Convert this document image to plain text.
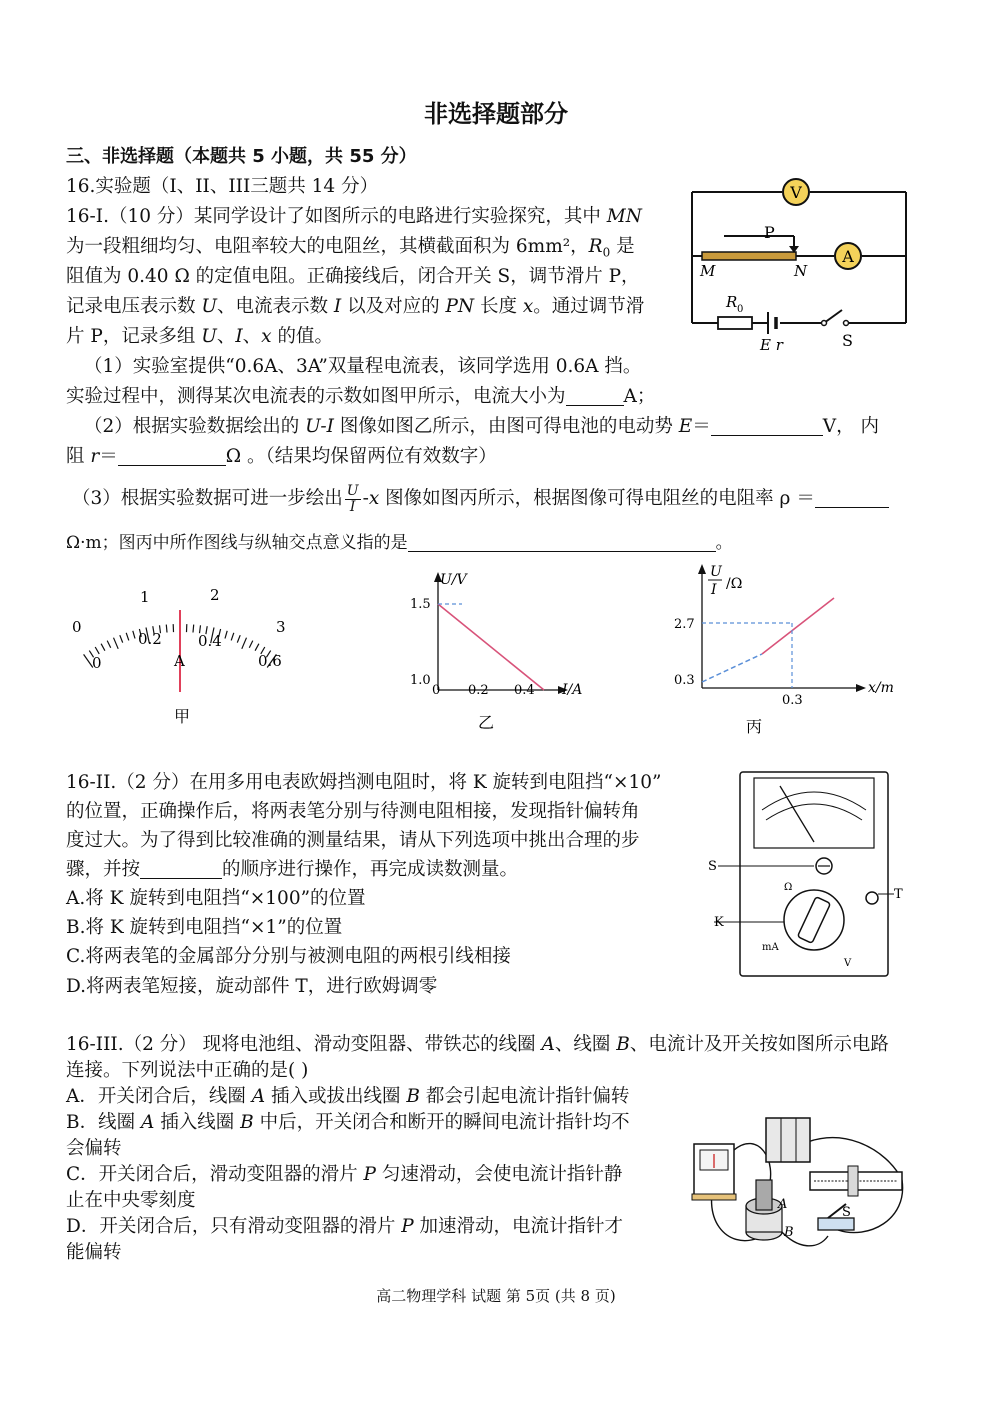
非选择题部分
三、非选择题（本题共 5 小题，共 55 分）
16.实验题（I、II、III三题共 14 分）
16-I.（10 分）某同学设计了如图所示的电路进行实验探究，其中 MN
为一段粗细均匀、电阻率较大的电阻丝，其横截面积为 6mm²，$R_0$ 是
阻值为 0.40 Ω 的定值电阻。正确接线后，闭合开关 S，调节滑片 P，
记录电压表示数 U、电流表示数 I 以及对应的 PN 长度 x。通过调节滑
片 P，记录多组 U、I、x 的值。
（1）实验室提供“0.6A、3A”双量程电流表，该同学选用 0.6A 挡。
实验过程中，测得某次电流表的示数如图甲所示，电流大小为	A；
（2）根据实验数据绘出的 U-I 图像如图乙所示，由图可得电池的电动势 E＝	V， 内
阻 r＝	Ω 。（结果均保留两位有效数字）
（3）根据实验数据可进一步绘出 $\frac{U}{I} -x$ 图像如图丙所示，根据图像可得电阻丝的电阻率 ρ ＝
Ω·m；图丙中所作图线与纵轴交点意义指的是	。
V
A
P
M	N
R 0
E r	S
0
1	2
3
0
0.2 0.4
0.6
A
甲
U/V
I/A
1.5
1.0
0 0.2 0.4
乙
U
I /Ω
x/m
2.7
0.3
0.3
丙
16-II.（2 分）在用多用电表欧姆挡测电阻时，将 K 旋转到电阻挡“×10”
的位置，正确操作后，将两表笔分别与待测电阻相接，发现指针偏转角
度过大。为了得到比较准确的测量结果，请从下列选项中挑出合理的步
骤，并按	的顺序进行操作，再完成读数测量。
A.将 K 旋转到电阻挡“×100”的位置
B.将 K 旋转到电阻挡“×1”的位置
C.将两表笔的金属部分分别与被测电阻的两根引线相接
D.将两表笔短接，旋动部件 T，进行欧姆调零
S
K
T
Ω
mA
V
16-III.（2 分） 现将电池组、滑动变阻器、带铁芯的线圈 A、线圈 B、电流计及开关按如图所示电路
连接。下列说法中正确的是( )
A．开关闭合后，线圈 A 插入或拔出线圈 B 都会引起电流计指针偏转
B．线圈 A 插入线圈 B 中后，开关闭合和断开的瞬间电流计指针均不
会偏转
C．开关闭合后，滑动变阻器的滑片 P 匀速滑动，会使电流计指针静
止在中央零刻度
D．开关闭合后，只有滑动变阻器的滑片 P 加速滑动，电流计指针才
能偏转
A
B
S
高二物理学科 试题 第 5页 (共 8 页)
